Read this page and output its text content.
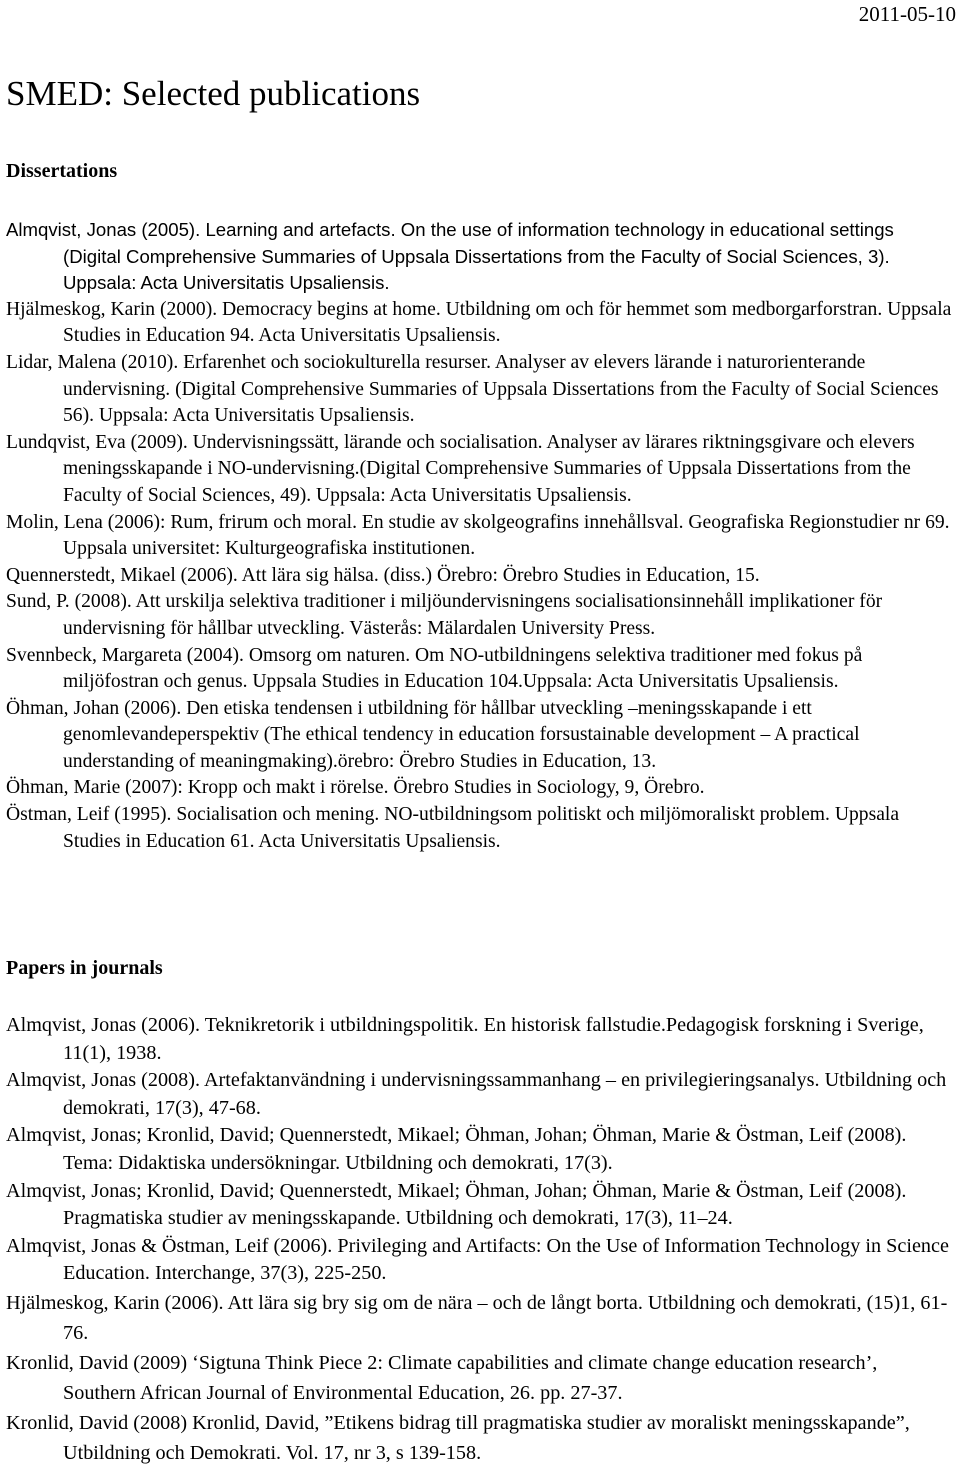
2011-05-10
SMED: Selected publications
Dissertations

Almqvist, Jonas (2005). Learning and artefacts. On the use of information technology in educational settings (Digital Comprehensive Summaries of Uppsala Dissertations from the Faculty of Social Sciences, 3). Uppsala: Acta Universitatis Upsaliensis.

Hjälmeskog, Karin (2000). Democracy begins at home. Utbildning om och för hemmet som medborgarforstran. Uppsala Studies in Education 94. Acta Universitatis Upsaliensis.

Lidar, Malena (2010). Erfarenhet och sociokulturella resurser. Analyser av elevers lärande i naturorienterande undervisning. (Digital Comprehensive Summaries of Uppsala Dissertations from the Faculty of Social Sciences 56). Uppsala: Acta Universitatis Upsaliensis.

Lundqvist, Eva (2009). Undervisningssätt, lärande och socialisation. Analyser av lärares riktningsgivare och elevers meningsskapande i NO-undervisning.(Digital Comprehensive Summaries of Uppsala Dissertations from the Faculty of Social Sciences, 49). Uppsala: Acta Universitatis Upsaliensis.

Molin, Lena (2006): Rum, frirum och moral. En studie av skolgeografins innehållsval. Geografiska Regionstudier nr 69. Uppsala universitet: Kulturgeografiska institutionen.

Quennerstedt, Mikael (2006). Att lära sig hälsa. (diss.) Örebro: Örebro Studies in Education, 15.

Sund, P. (2008). Att urskilja selektiva traditioner i miljöundervisningens socialisationsinnehåll implikationer för undervisning för hållbar utveckling. Västerås: Mälardalen University Press.

Svennbeck, Margareta (2004). Omsorg om naturen. Om NO-utbildningens selektiva traditioner med fokus på miljöfostran och genus. Uppsala Studies in Education 104.Uppsala: Acta Universitatis Upsaliensis.

Öhman, Johan (2006). Den etiska tendensen i utbildning för hållbar utveckling –meningsskapande i ett genomlevandeperspektiv (The ethical tendency in education forsustainable development – A practical understanding of meaningmaking).örebro: Örebro Studies in Education, 13.

Öhman, Marie (2007): Kropp och makt i rörelse. Örebro Studies in Sociology, 9, Örebro.

Östman, Leif (1995). Socialisation och mening. NO-utbildningsom politiskt och miljömoraliskt problem. Uppsala Studies in Education 61. Acta Universitatis Upsaliensis.

Papers in journals

Almqvist, Jonas (2006). Teknikretorik i utbildningspolitik. En historisk fallstudie.Pedagogisk forskning i Sverige, 11(1), 1938.

Almqvist, Jonas (2008). Artefaktanvändning i undervisningssammanhang – en privilegieringsanalys. Utbildning och demokrati, 17(3), 47-68.

Almqvist, Jonas; Kronlid, David; Quennerstedt, Mikael; Öhman, Johan; Öhman, Marie & Östman, Leif (2008). Tema: Didaktiska undersökningar. Utbildning och demokrati, 17(3).

Almqvist, Jonas; Kronlid, David; Quennerstedt, Mikael; Öhman, Johan; Öhman, Marie & Östman, Leif (2008). Pragmatiska studier av meningsskapande. Utbildning och demokrati, 17(3), 11–24.

Almqvist, Jonas & Östman, Leif (2006). Privileging and Artifacts: On the Use of Information Technology in Science Education. Interchange, 37(3), 225-250.

Hjälmeskog, Karin (2006). Att lära sig bry sig om de nära – och de långt borta. Utbildning och demokrati, (15)1, 61-76.

Kronlid, David (2009) ‘Sigtuna Think Piece 2: Climate capabilities and climate change education research’, Southern African Journal of Environmental Education, 26. pp. 27-37.

Kronlid, David (2008) Kronlid, David, ”Etikens bidrag till pragmatiska studier av moraliskt meningsskapande”, Utbildning och Demokrati. Vol. 17, nr 3, s 139-158.
